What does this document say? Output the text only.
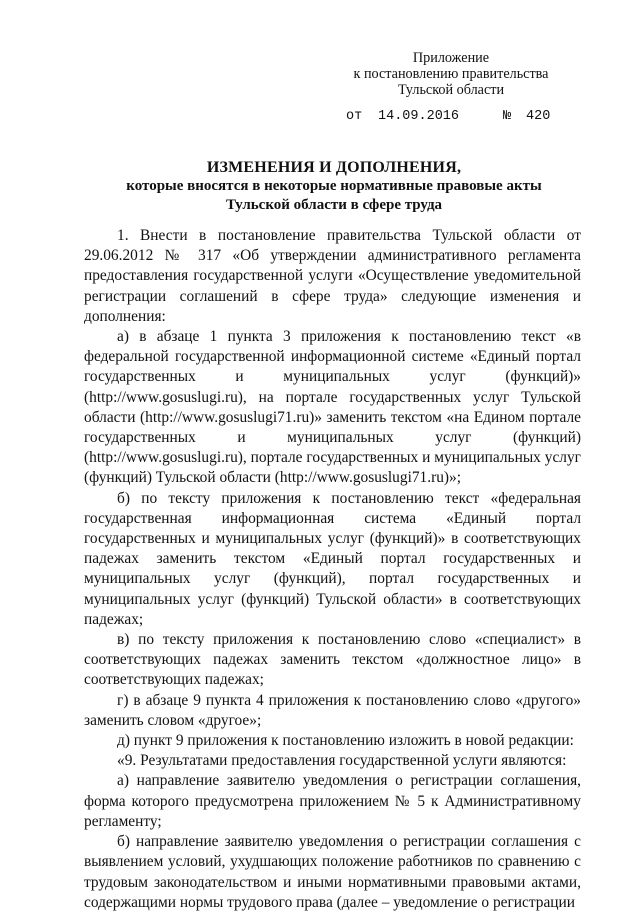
Приложение
к постановлению правительства
Тульской области
от 14.09.2016	№ 420
ИЗМЕНЕНИЯ И ДОПОЛНЕНИЯ,
которые вносятся в некоторые нормативные правовые акты
Тульской области в сфере труда

1. Внести в постановление правительства Тульской области от 29.06.2012 № 317 «Об утверждении административного регламента предоставления государственной услуги «Осуществление уведомительной регистрации соглашений в сфере труда» следующие изменения и дополнения:

а) в абзаце 1 пункта 3 приложения к постановлению текст «в федеральной государственной информационной системе «Единый портал государственных и муниципальных услуг (функций)» (http://www.gosuslugi.ru), на портале государственных услуг Тульской области (http://www.gosuslugi71.ru)» заменить текстом «на Едином портале государственных и муниципальных услуг (функций) (http://www.gosuslugi.ru), портале государственных и муниципальных услуг (функций) Тульской области (http://www.gosuslugi71.ru)»;

б) по тексту приложения к постановлению текст «федеральная государственная информационная система «Единый портал государственных и муниципальных услуг (функций)» в соответствующих падежах заменить текстом «Единый портал государственных и муниципальных услуг (функций), портал государственных и муниципальных услуг (функций) Тульской области» в соответствующих падежах;

в) по тексту приложения к постановлению слово «специалист» в соответствующих падежах заменить текстом «должностное лицо» в соответствующих падежах;

г) в абзаце 9 пункта 4 приложения к постановлению слово «другого» заменить словом «другое»;

д) пункт 9 приложения к постановлению изложить в новой редакции:

«9. Результатами предоставления государственной услуги являются:

а) направление заявителю уведомления о регистрации соглашения, форма которого предусмотрена приложением № 5 к Административному регламенту;

б) направление заявителю уведомления о регистрации соглашения с выявлением условий, ухудшающих положение работников по сравнению с трудовым законодательством и иными нормативными правовыми актами, содержащими нормы трудового права (далее – уведомление о регистрации
